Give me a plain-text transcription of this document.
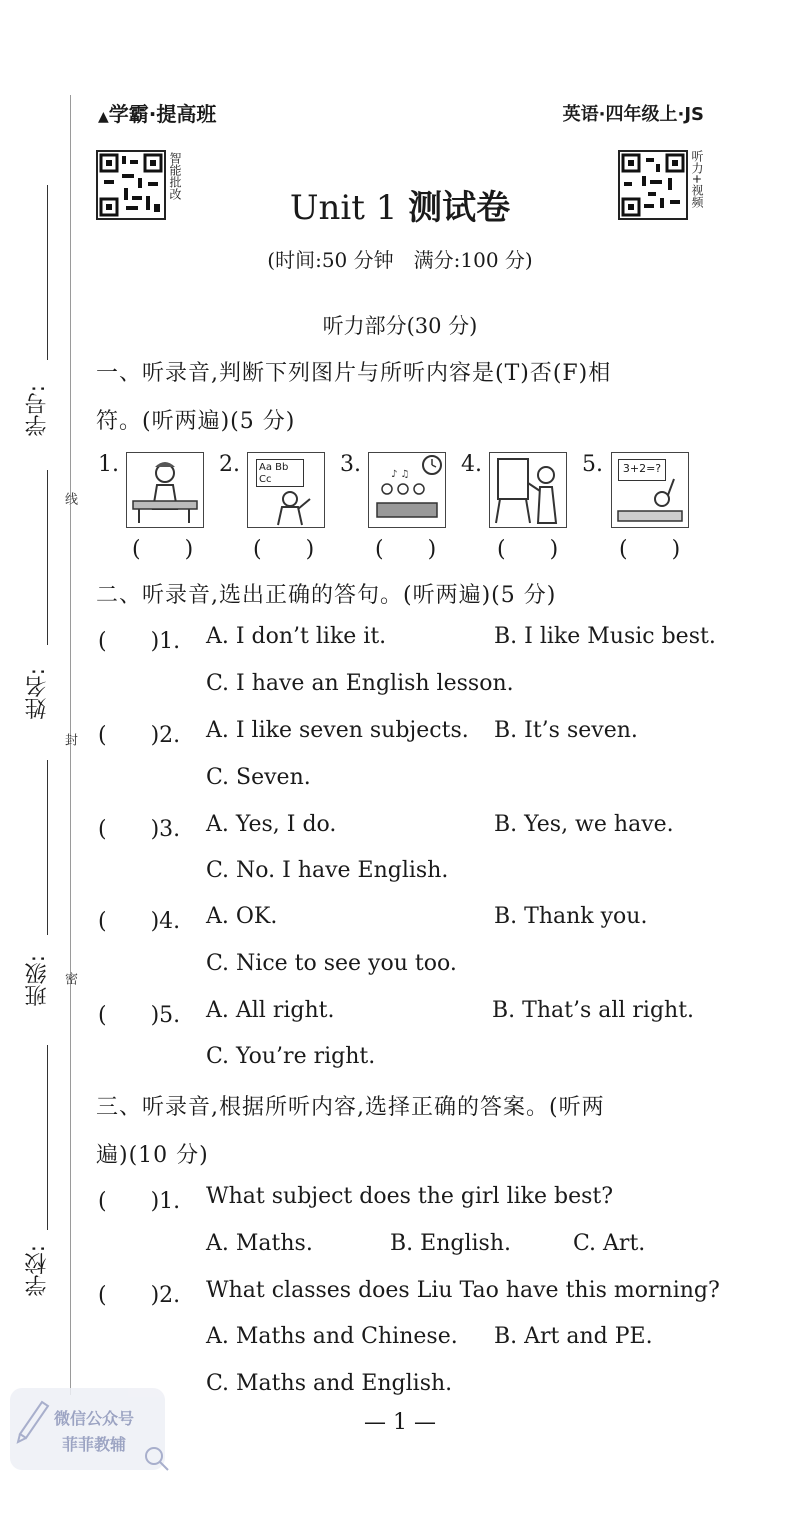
学号:
姓名:
班级:
学校:
线
封
密
▲学霸·提高班	英语·四年级上·JS
智能批改	听力+视频
Unit 1 测试卷
(时间:50 分钟　满分:100 分)
听力部分(30 分)
一、听录音,判断下列图片与所听内容是(T)否(F)相
符。(听两遍)(5 分)
1.
(　　)
2.	Aa Bb Cc
(　　)
3.	♪ ♫
(　　)
4.
(　　)
5.	3+2=?
(　　)
二、听录音,选出正确的答句。(听两遍)(5 分)
(　　)1. A. I don’t like it.	B. I like Music best.
C. I have an English lesson.
(　　)2. A. I like seven subjects. B. It’s seven.
C. Seven.
(　　)3. A. Yes, I do.	B. Yes, we have.
C. No. I have English.
(　　)4. A. OK.	B. Thank you.
C. Nice to see you too.
(　　)5. A. All right.	B. That’s all right.
C. You’re right.
三、听录音,根据所听内容,选择正确的答案。(听两
遍)(10 分)
(　　)1. What subject does the girl like best?
A. Maths.	B. English.	C. Art.
(　　)2. What classes does Liu Tao have this morning?
A. Maths and Chinese. B. Art and PE.
C. Maths and English.
— 1 —
微信公众号
菲菲教辅
